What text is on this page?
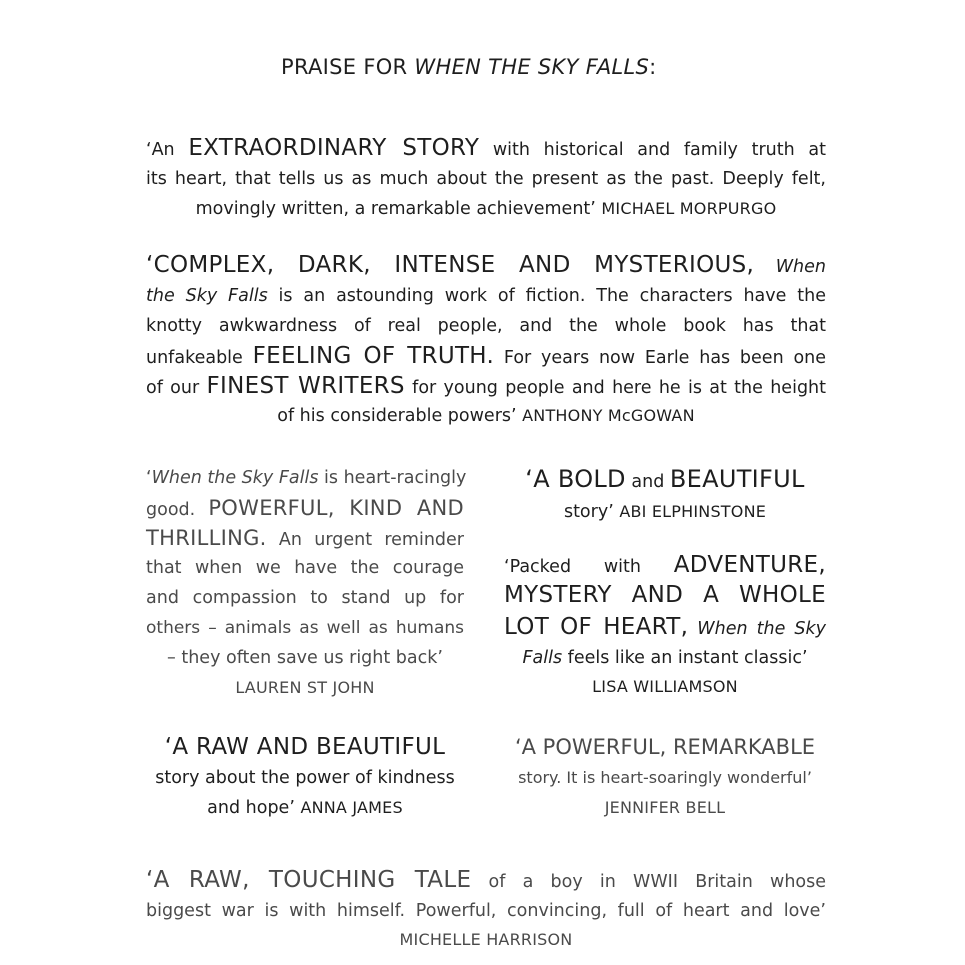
PRAISE FOR WHEN THE SKY FALLS:
‘An EXTRAORDINARY STORY with historical and family truth at
its heart, that tells us as much about the present as the past. Deeply felt,
movingly written, a remarkable achievement’ MICHAEL MORPURGO
‘COMPLEX, DARK, INTENSE AND MYSTERIOUS, When
the Sky Falls is an astounding work of fiction. The characters have the
knotty awkwardness of real people, and the whole book has that
unfakeable FEELING OF TRUTH. For years now Earle has been one
of our FINEST WRITERS for young people and here he is at the height
of his considerable powers’ ANTHONY McGOWAN
‘When the Sky Falls is heart-racingly
good. POWERFUL, KIND AND
THRILLING. An urgent reminder
that when we have the courage
and compassion to stand up for
others – animals as well as humans
– they often save us right back’
LAUREN ST JOHN
‘A BOLD and BEAUTIFUL
story’ ABI ELPHINSTONE
‘Packed with ADVENTURE,
MYSTERY AND A WHOLE
LOT OF HEART, When the Sky
Falls feels like an instant classic’
LISA WILLIAMSON
‘A RAW AND BEAUTIFUL
story about the power of kindness
and hope’ ANNA JAMES
‘A POWERFUL, REMARKABLE
story. It is heart-soaringly wonderful’
JENNIFER BELL
‘A RAW, TOUCHING TALE of a boy in WWII Britain whose
biggest war is with himself. Powerful, convincing, full of heart and love’
MICHELLE HARRISON
